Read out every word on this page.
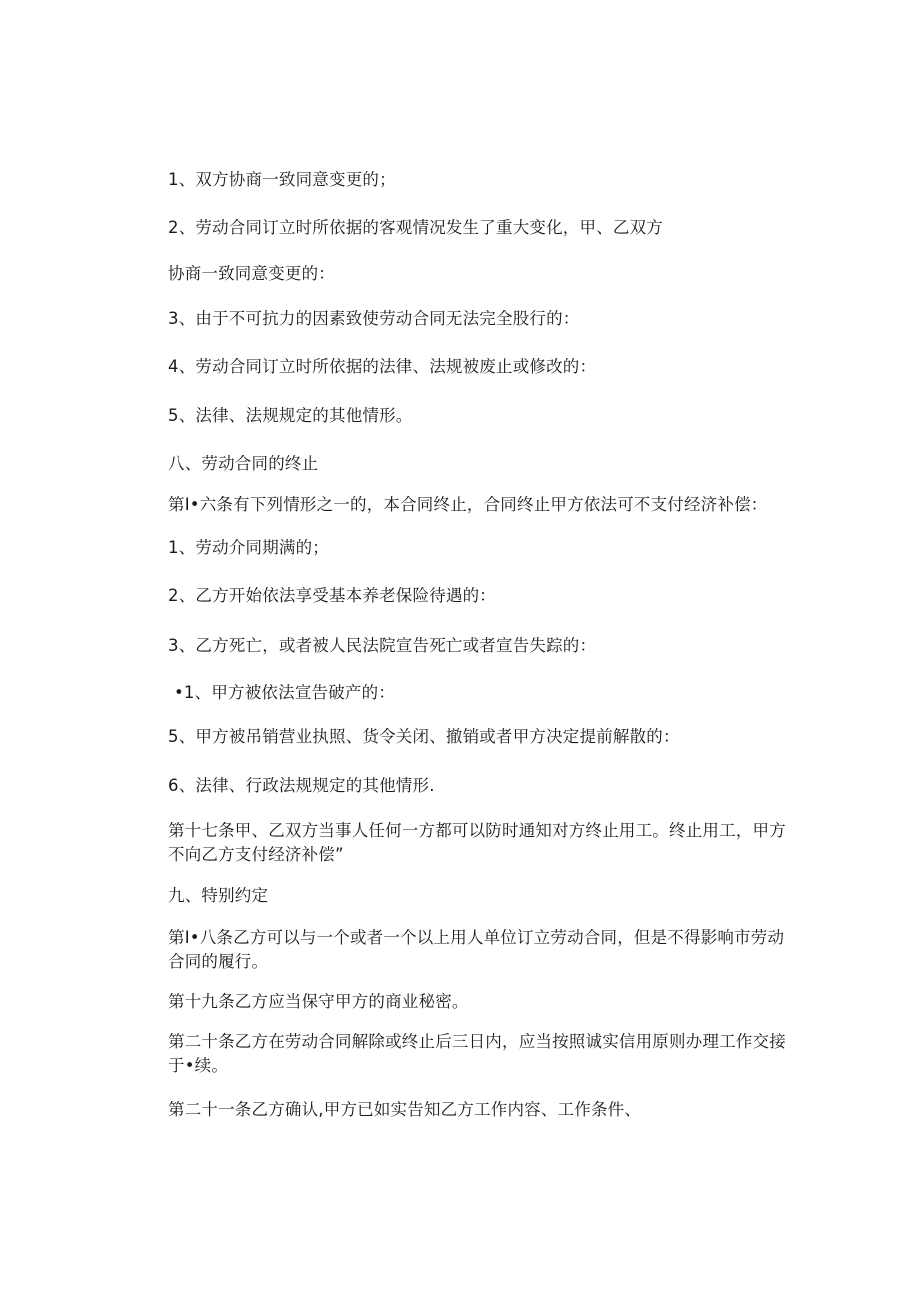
1、双方协商一致同意变更的；
2、劳动合同订立时所依据的客观情况发生了重大变化，甲、乙双方
协商一致同意变更的：
3、由于不可抗力的因素致使劳动合同无法完全股行的：
4、劳动合同订立时所依据的法律、法规被废止或修改的：
5、法律、法规规定的其他情形。
八、劳动合同的终止
第I•六条有下列情形之一的，本合同终止，合同终止甲方依法可不支付经济补偿：
1、劳动介同期满的；
2、乙方开始依法享受基本养老保险待遇的：
3、乙方死亡，或者被人民法院宣告死亡或者宣告失踪的：
•1、甲方被依法宣告破产的：
5、甲方被吊销营业执照、货令关闭、撤销或者甲方决定提前解散的：
6、法律、行政法规规定的其他情形.
第十七条甲、乙双方当事人任何一方都可以防时通知对方终止用工。终止用工，甲方不向乙方支付经济补偿”
九、特别约定
第I•八条乙方可以与一个或者一个以上用人单位订立劳动合同，但是不得影响市劳动合同的履行。
第十九条乙方应当保守甲方的商业秘密。
第二十条乙方在劳动合同解除或终止后三日内，应当按照诚实信用原则办理工作交接于•续。
第二十一条乙方确认,甲方已如实告知乙方工作内容、工作条件、
